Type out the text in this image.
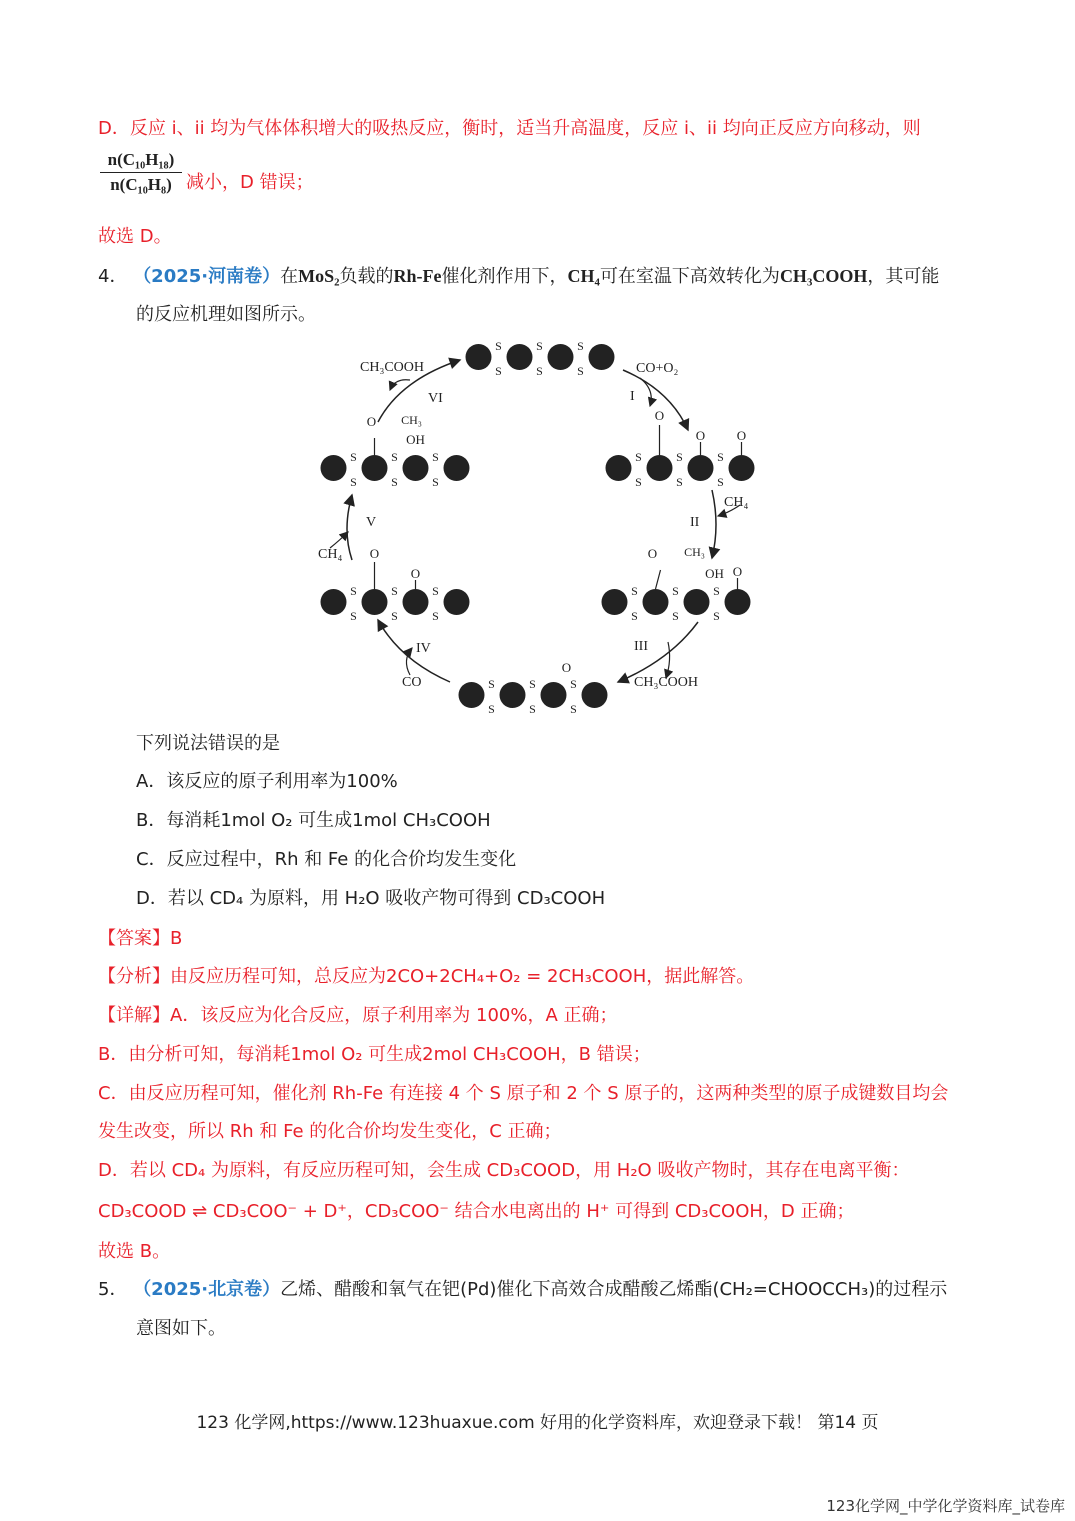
D．反应 i、ii 均为气体体积增大的吸热反应，衡时，适当升高温度，反应 i、ii 均向正反应方向移动，则
n(C₁₀H₁₈)
n(C₁₀H₈) 减小，D 错误；
故选 D。
4． （2025·河南卷）在MoS₂负载的Rh-Fe催化剂作用下，CH₄可在室温下高效转化为CH₃COOH，其可能
的反应机理如图所示。
S
S
S
S
S
S
S
S
S
S
S
S
O
O O
S
S
S
S
S
S
O CH₃
OH O
S
S
S
S
S
S
O
S
S
S
S
S
S
O
O
S
S
S
S
S
S
O CH₃
OH
CH₃COOH	CO+O₂
CH₄
CH₃COOH
CO
CH₄
I
II
III
IV
V
VI
下列说法错误的是
A．该反应的原子利用率为100%
B．每消耗1mol O₂ 可生成1mol CH₃COOH
C．反应过程中，Rh 和 Fe 的化合价均发生变化
D．若以 CD₄ 为原料，用 H₂O 吸收产物可得到 CD₃COOH
【答案】B
【分析】由反应历程可知，总反应为2CO+2CH₄+O₂ = 2CH₃COOH，据此解答。
【详解】A．该反应为化合反应，原子利用率为 100%，A 正确；
B．由分析可知，每消耗1mol O₂ 可生成2mol CH₃COOH，B 错误；
C．由反应历程可知，催化剂 Rh-Fe 有连接 4 个 S 原子和 2 个 S 原子的，这两种类型的原子成键数目均会
发生改变，所以 Rh 和 Fe 的化合价均发生变化，C 正确；
D．若以 CD₄ 为原料，有反应历程可知，会生成 CD₃COOD，用 H₂O 吸收产物时，其存在电离平衡：
CD₃COOD ⇌ CD₃COO⁻ + D⁺，CD₃COO⁻ 结合水电离出的 H⁺ 可得到 CD₃COOH，D 正确；
故选 B。
5． （2025·北京卷）乙烯、醋酸和氧气在钯(Pd)催化下高效合成醋酸乙烯酯(CH₂=CHOOCCH₃)的过程示
意图如下。
123 化学网,https://www.123huaxue.com 好用的化学资料库，欢迎登录下载！ 第14 页
123化学网_中学化学资料库_试卷库
